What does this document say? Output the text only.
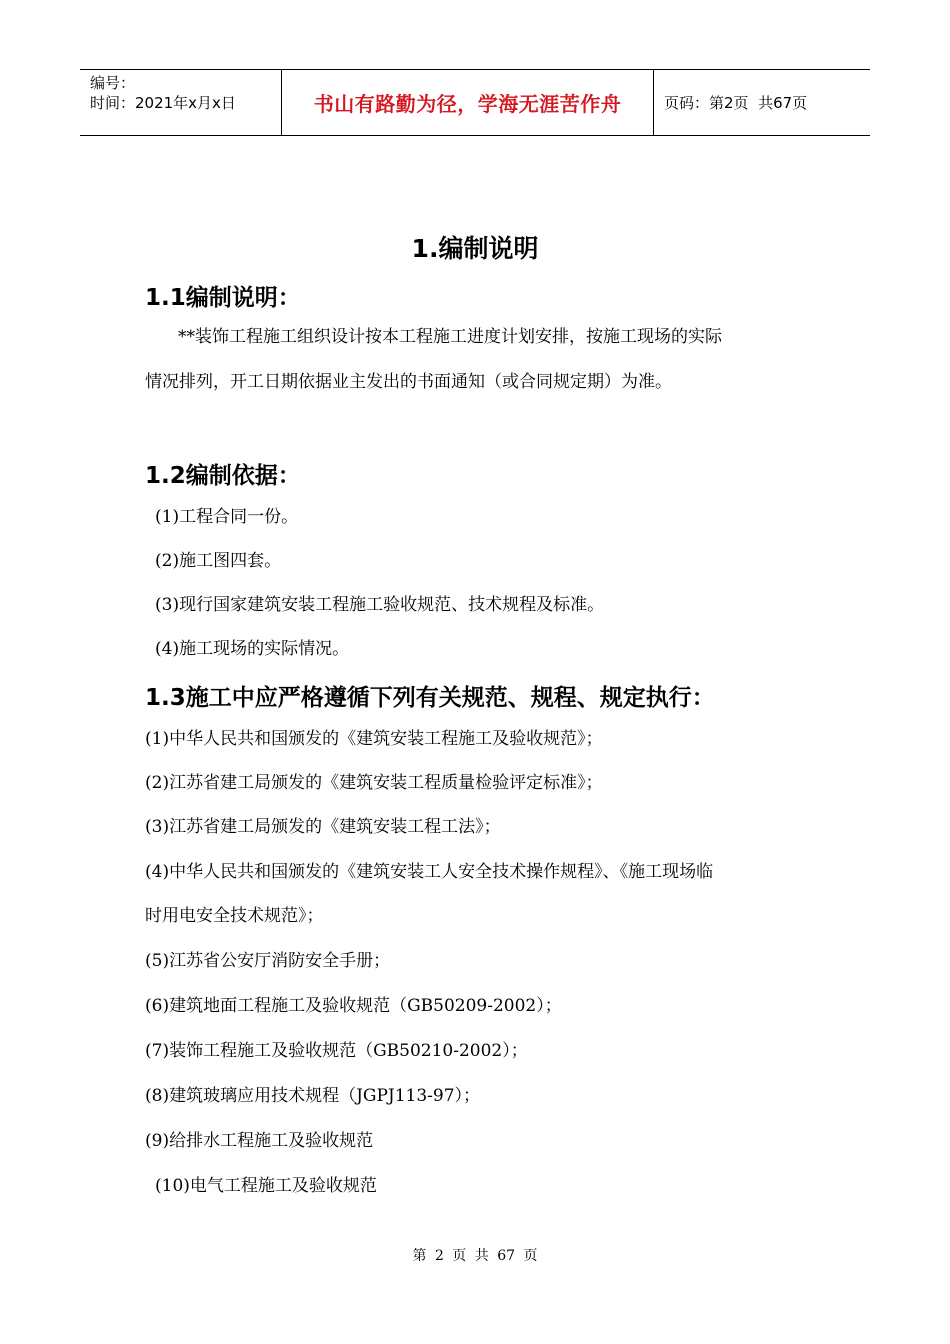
编号：
时间：2021年x月x日	书山有路勤为径，学海无涯苦作舟	页码：第2页  共67页
1.编制说明
1.1编制说明：
**装饰工程施工组织设计按本工程施工进度计划安排，按施工现场的实际
情况排列，开工日期依据业主发出的书面通知（或合同规定期）为准。
1.2编制依据：
(1)工程合同一份。
(2)施工图四套。
(3)现行国家建筑安装工程施工验收规范、技术规程及标准。
(4)施工现场的实际情况。
1.3施工中应严格遵循下列有关规范、规程、规定执行：
(1)中华人民共和国颁发的《建筑安装工程施工及验收规范》；
(2)江苏省建工局颁发的《建筑安装工程质量检验评定标准》；
(3)江苏省建工局颁发的《建筑安装工程工法》；
(4)中华人民共和国颁发的《建筑安装工人安全技术操作规程》、《施工现场临
时用电安全技术规范》；
(5)江苏省公安厅消防安全手册；
(6)建筑地面工程施工及验收规范（GB50209-2002）；
(7)装饰工程施工及验收规范（GB50210-2002）；
(8)建筑玻璃应用技术规程（JGPJ113-97）；
(9)给排水工程施工及验收规范
(10)电气工程施工及验收规范
第 2 页 共 67 页
